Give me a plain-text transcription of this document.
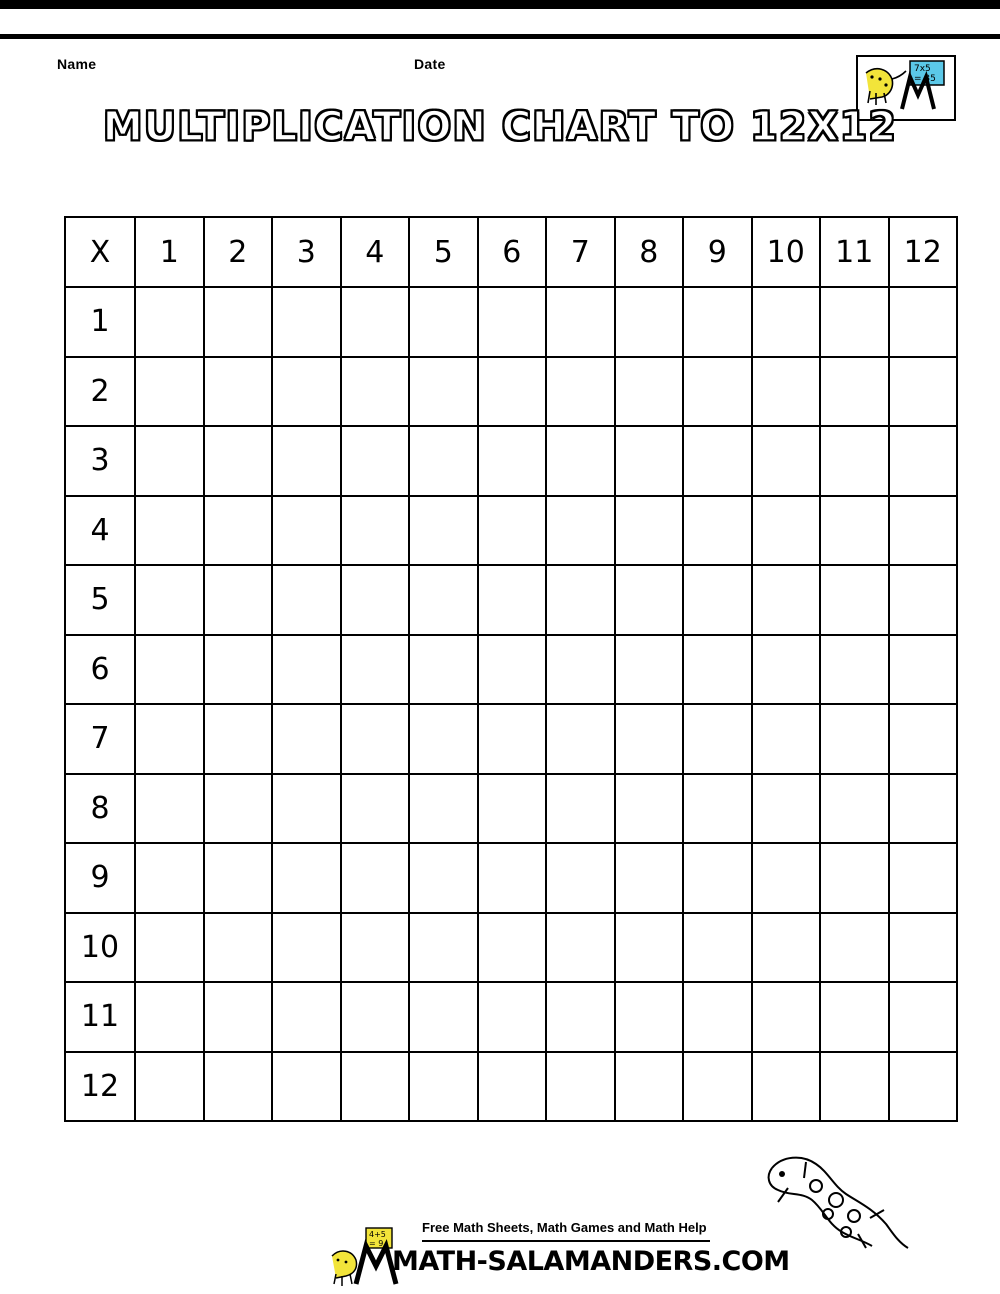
Name	Date	7x5
= 35
MULTIPLICATION CHART TO 12X12
X	1	2	3	4	5	6	7	8	9	10	11	12
1												
2												
3												
4												
5												
6												
7												
8												
9												
10												
11												
12												
4+5
= 9
Free Math Sheets, Math Games and Math Help
MATH-SALAMANDERS.COM
